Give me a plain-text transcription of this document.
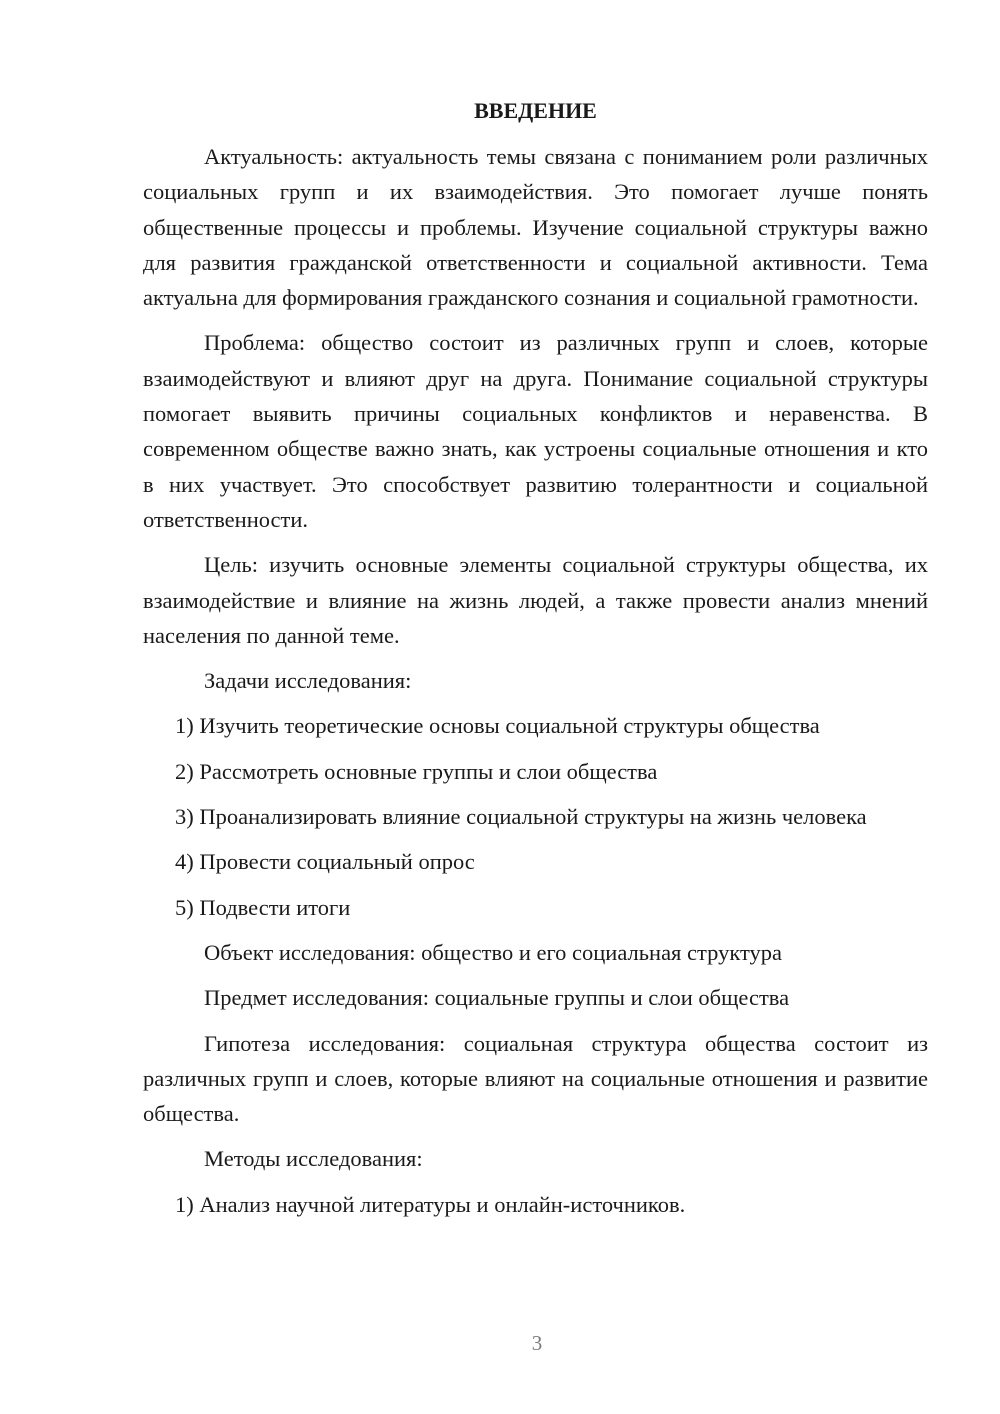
ВВЕДЕНИЕ

Актуальность: актуальность темы связана с пониманием роли различных социальных групп и их взаимодействия. Это помогает лучше понять общественные процессы и проблемы. Изучение социальной структуры важно для развития гражданской ответственности и социальной активности. Тема актуальна для формирования гражданского сознания и социальной грамотности.

Проблема: общество состоит из различных групп и слоев, которые взаимодействуют и влияют друг на друга. Понимание социальной структуры помогает выявить причины социальных конфликтов и неравенства. В современном обществе важно знать, как устроены социальные отношения и кто в них участвует. Это способствует развитию толерантности и социальной ответственности.

Цель: изучить основные элементы социальной структуры общества, их взаимодействие и влияние на жизнь людей, а также провести анализ мнений населения по данной теме.

Задачи исследования:

1) Изучить теоретические основы социальной структуры общества

2) Рассмотреть основные группы и слои общества

3) Проанализировать влияние социальной структуры на жизнь человека

4) Провести социальный опрос

5) Подвести итоги

Объект исследования: общество и его социальная структура

Предмет исследования: социальные группы и слои общества

Гипотеза исследования: социальная структура общества состоит из различных групп и слоев, которые влияют на социальные отношения и развитие общества.

Методы исследования:

1) Анализ научной литературы и онлайн-источников.

3
